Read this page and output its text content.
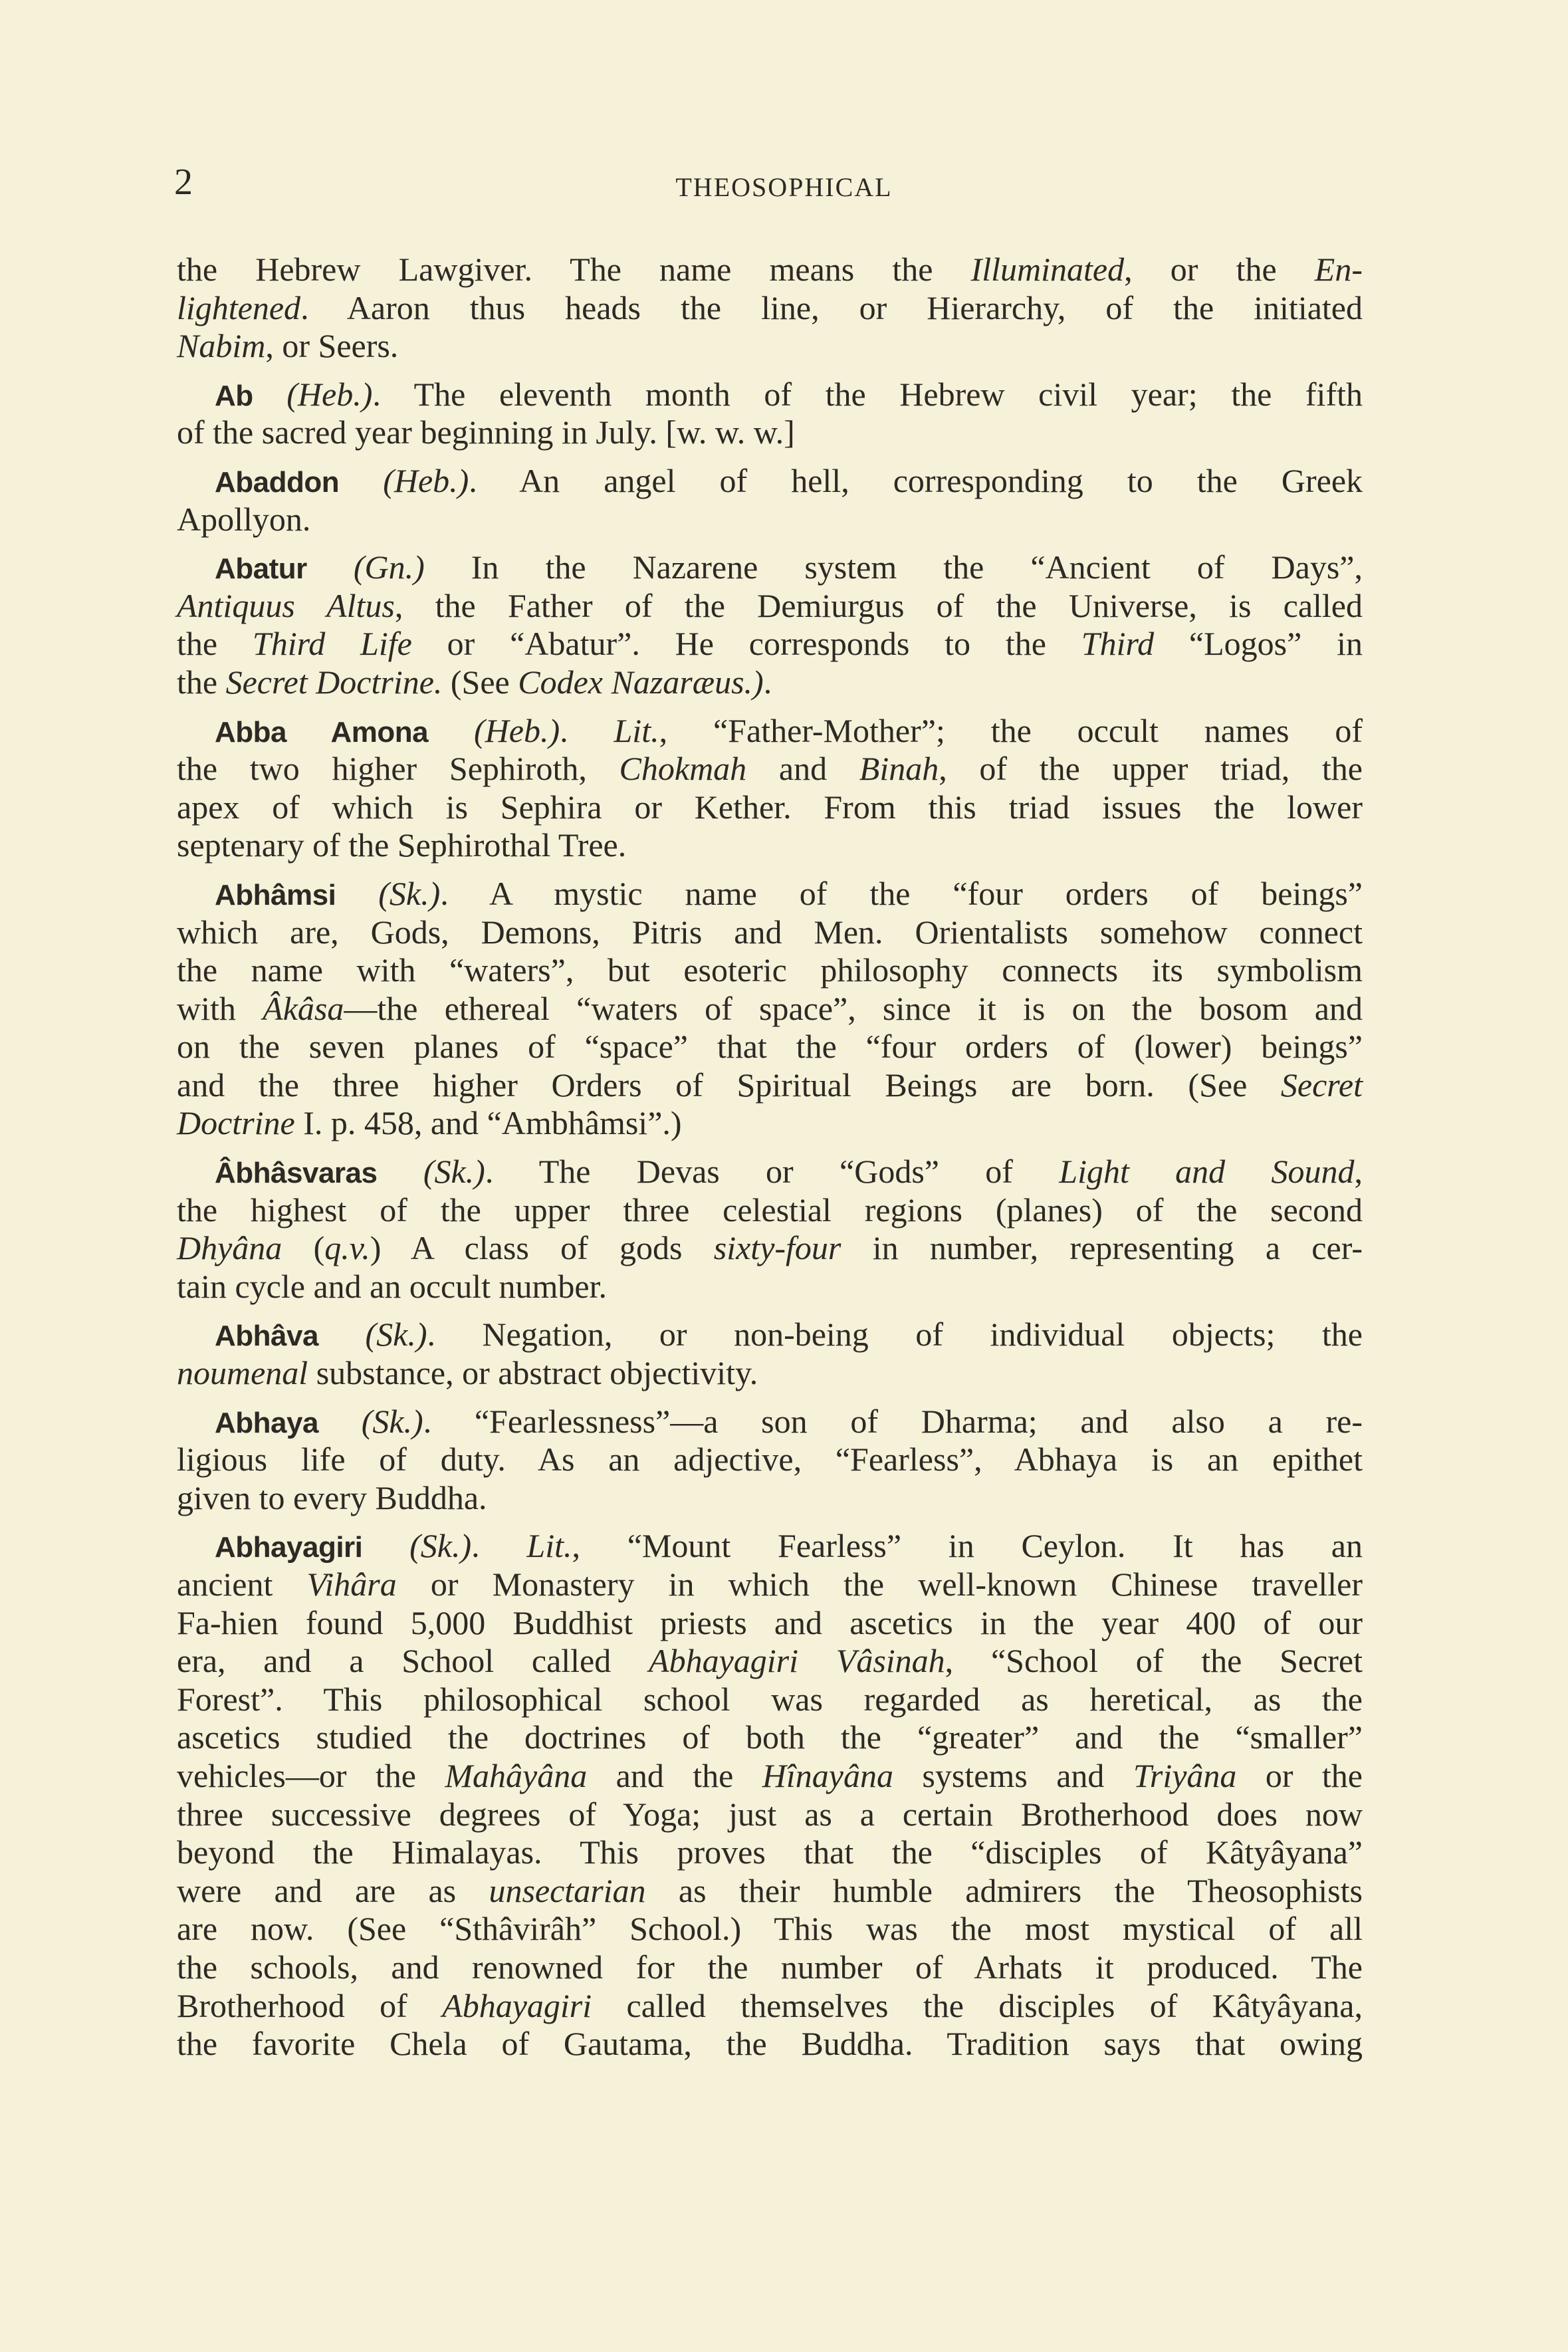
2	THEOSOPHICAL
the Hebrew Lawgiver. The name means the Illuminated, or the En-
lightened. Aaron thus heads the line, or Hierarchy, of the initiated
Nabim, or Seers.
Ab (Heb.). The eleventh month of the Hebrew civil year; the fifth
of the sacred year beginning in July. [w. w. w.]
Abaddon (Heb.). An angel of hell, corresponding to the Greek
Apollyon.
Abatur (Gn.) In the Nazarene system the “Ancient of Days”,
Antiquus Altus, the Father of the Demiurgus of the Universe, is called
the Third Life or “Abatur”. He corresponds to the Third “Logos” in
the Secret Doctrine. (See Codex Nazaræus.).
Abba Amona (Heb.). Lit., “Father-Mother”; the occult names of
the two higher Sephiroth, Chokmah and Binah, of the upper triad, the
apex of which is Sephira or Kether. From this triad issues the lower
septenary of the Sephirothal Tree.
Abhâmsi (Sk.). A mystic name of the “four orders of beings”
which are, Gods, Demons, Pitris and Men. Orientalists somehow connect
the name with “waters”, but esoteric philosophy connects its symbolism
with Âkâsa—the ethereal “waters of space”, since it is on the bosom and
on the seven planes of “space” that the “four orders of (lower) beings”
and the three higher Orders of Spiritual Beings are born. (See Secret
Doctrine I. p. 458, and “Ambhâmsi”.)
Âbhâsvaras (Sk.). The Devas or “Gods” of Light and Sound,
the highest of the upper three celestial regions (planes) of the second
Dhyâna (q.v.) A class of gods sixty-four in number, representing a cer-
tain cycle and an occult number.
Abhâva (Sk.). Negation, or non-being of individual objects; the
noumenal substance, or abstract objectivity.
Abhaya (Sk.). “Fearlessness”—a son of Dharma; and also a re-
ligious life of duty. As an adjective, “Fearless”, Abhaya is an epithet
given to every Buddha.
Abhayagiri (Sk.). Lit., “Mount Fearless” in Ceylon. It has an
ancient Vihâra or Monastery in which the well-known Chinese traveller
Fa-hien found 5,000 Buddhist priests and ascetics in the year 400 of our
era, and a School called Abhayagiri Vâsinah, “School of the Secret
Forest”. This philosophical school was regarded as heretical, as the
ascetics studied the doctrines of both the “greater” and the “smaller”
vehicles—or the Mahâyâna and the Hînayâna systems and Triyâna or the
three successive degrees of Yoga; just as a certain Brotherhood does now
beyond the Himalayas. This proves that the “disciples of Kâtyâyana”
were and are as unsectarian as their humble admirers the Theosophists
are now. (See “Sthâvirâh” School.) This was the most mystical of all
the schools, and renowned for the number of Arhats it produced. The
Brotherhood of Abhayagiri called themselves the disciples of Kâtyâyana,
the favorite Chela of Gautama, the Buddha. Tradition says that owing
